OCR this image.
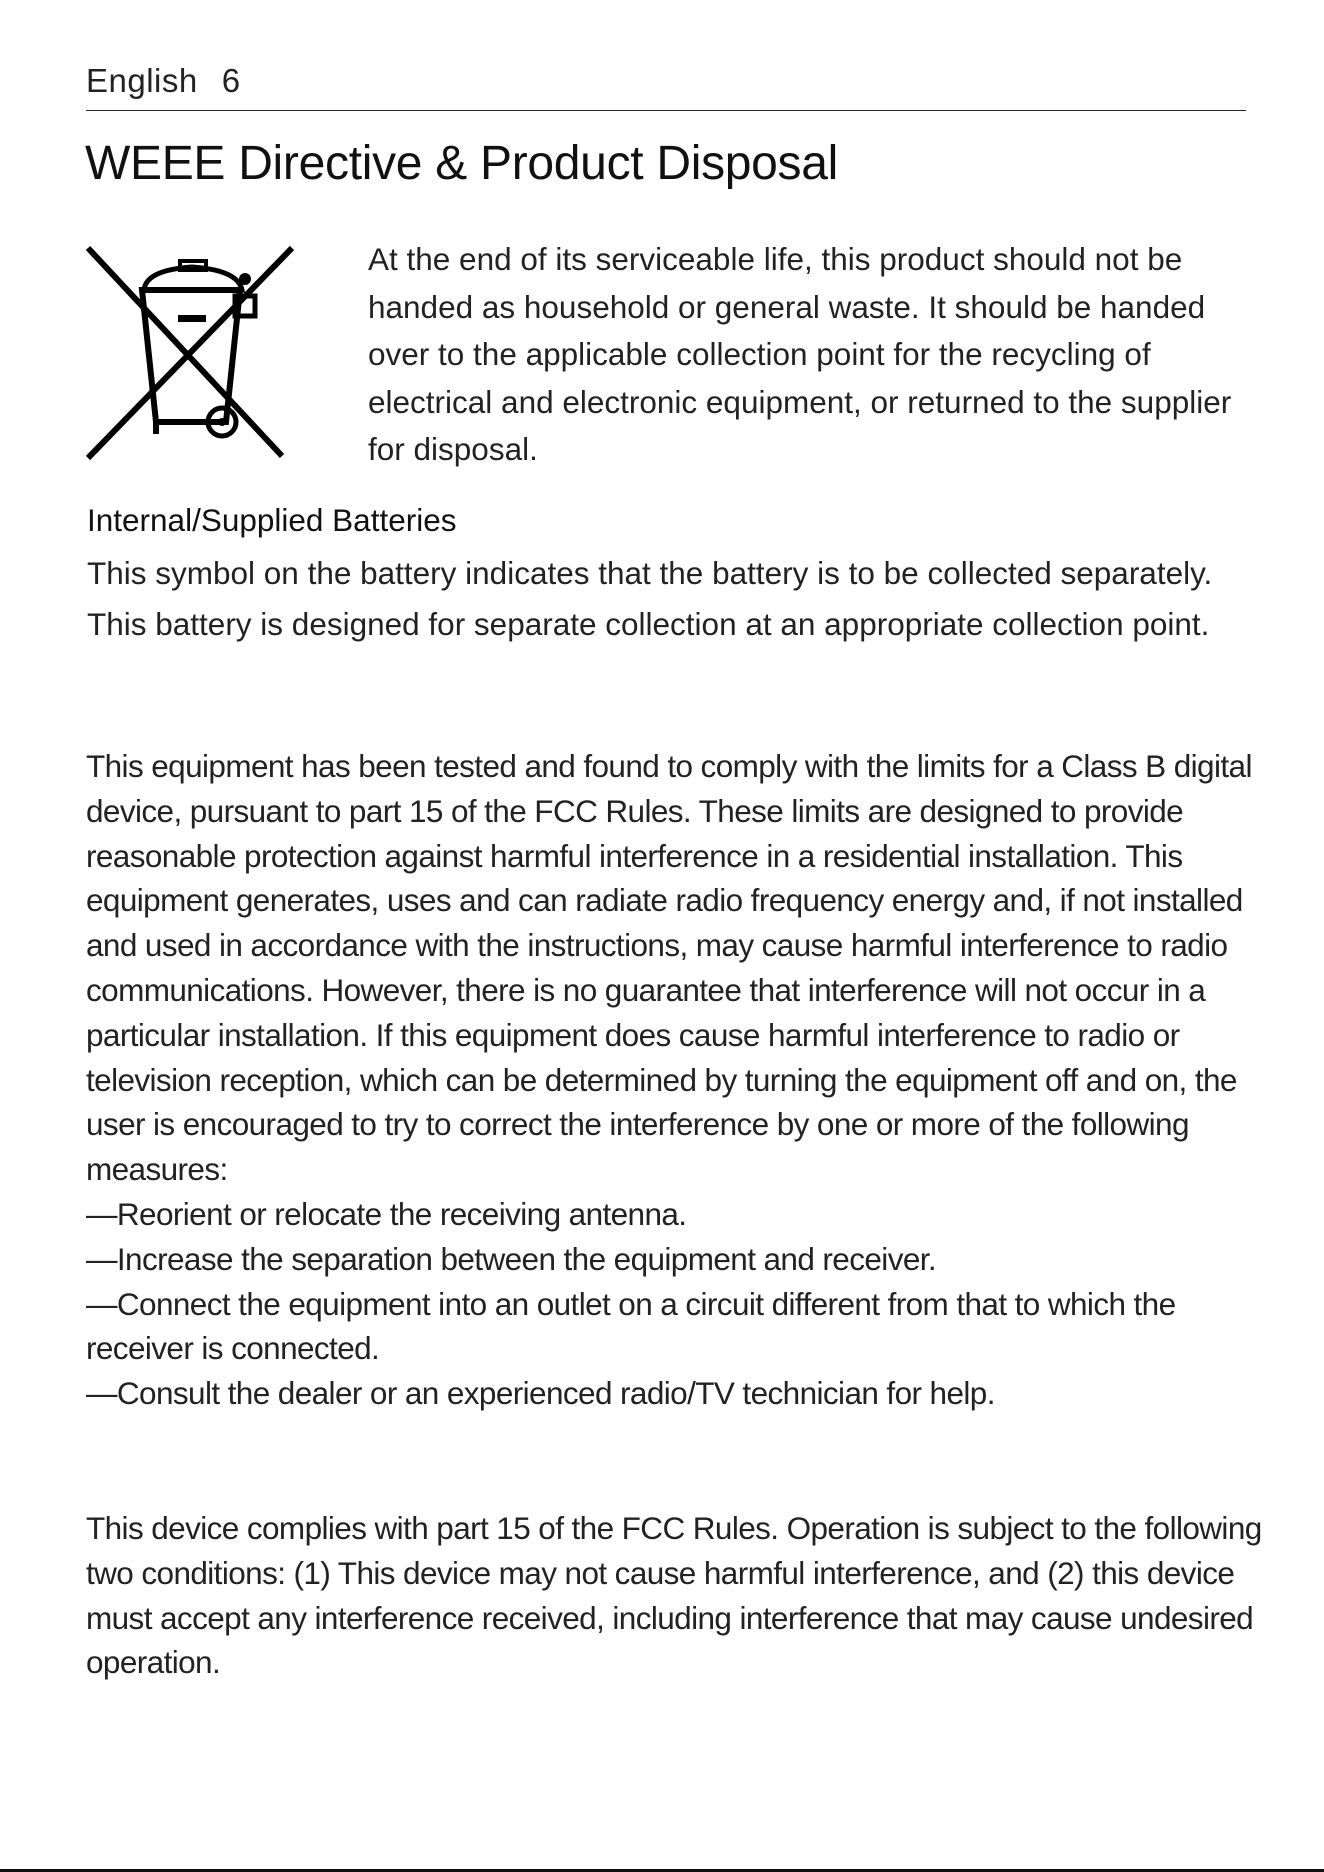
English 6
WEEE Directive & Product Disposal

At the end of its serviceable life, this product should not be handed as household or general waste. It should be handed over to the applicable collection point for the recycling of electrical and electronic equipment, or returned to the supplier for disposal.

Internal/Supplied Batteries

This symbol on the battery indicates that the battery is to be collected separately. This battery is designed for separate collection at an appropriate collection point.

This equipment has been tested and found to comply with the limits for a Class B digital device, pursuant to part 15 of the FCC Rules. These limits are designed to provide reasonable protection against harmful interference in a residential installation. This equipment generates, uses and can radiate radio frequency energy and, if not installed and used in accordance with the instructions, may cause harmful interference to radio communications. However, there is no guarantee that interference will not occur in a particular installation. If this equipment does cause harmful interference to radio or television reception, which can be determined by turning the equipment off and on, the user is encouraged to try to correct the interference by one or more of the following measures:

—Reorient or relocate the receiving antenna.
—Increase the separation between the equipment and receiver.
—Connect the equipment into an outlet on a circuit different from that to which the receiver is connected.
—Consult the dealer or an experienced radio/TV technician for help.

This device complies with part 15 of the FCC Rules. Operation is subject to the following two conditions: (1) This device may not cause harmful interference, and (2) this device must accept any interference received, including interference that may cause undesired operation.
